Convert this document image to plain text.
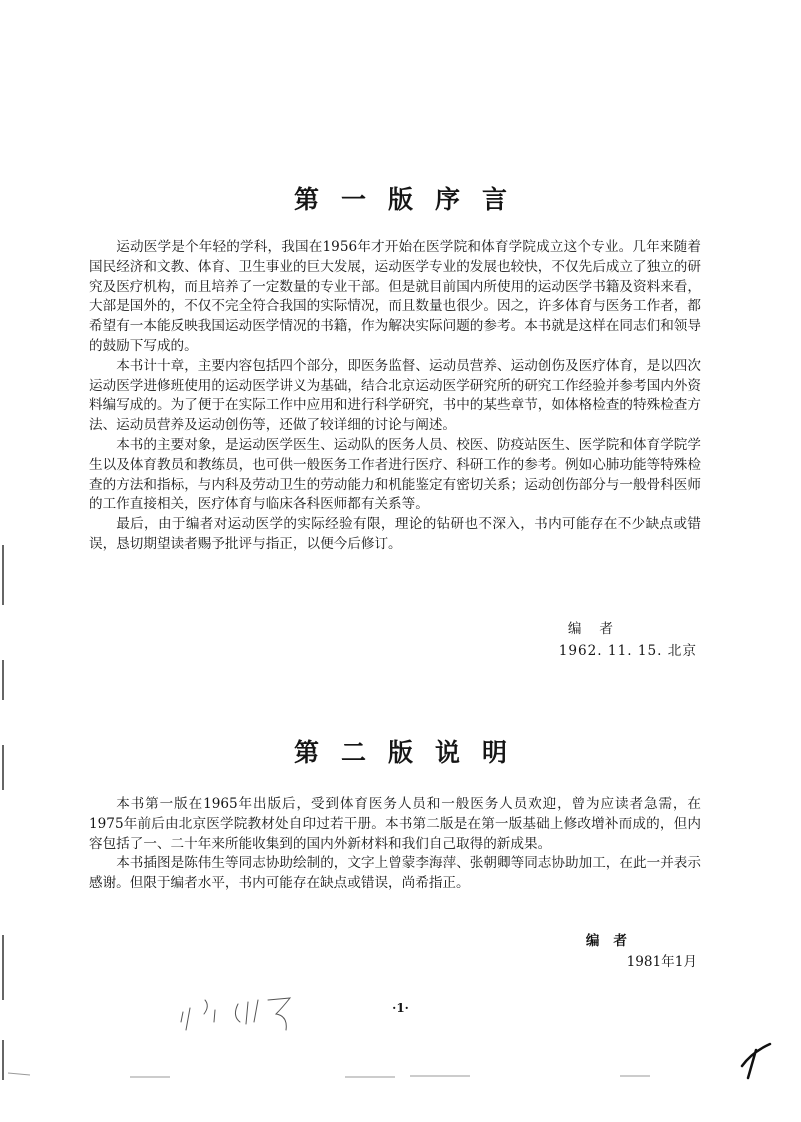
第一版序言

运动医学是个年轻的学科，我国在1956年才开始在医学院和体育学院成立这个专业。几年来随着国民经济和文教、体育、卫生事业的巨大发展，运动医学专业的发展也较快，不仅先后成立了独立的研究及医疗机构，而且培养了一定数量的专业干部。但是就目前国内所使用的运动医学书籍及资料来看，大部是国外的，不仅不完全符合我国的实际情况，而且数量也很少。因之，许多体育与医务工作者，都希望有一本能反映我国运动医学情况的书籍，作为解决实际问题的参考。本书就是这样在同志们和领导的鼓励下写成的。

本书计十章，主要内容包括四个部分，即医务监督、运动员营养、运动创伤及医疗体育，是以四次运动医学进修班使用的运动医学讲义为基础，结合北京运动医学研究所的研究工作经验并参考国内外资料编写成的。为了便于在实际工作中应用和进行科学研究，书中的某些章节，如体格检查的特殊检查方法、运动员营养及运动创伤等，还做了较详细的讨论与阐述。

本书的主要对象，是运动医学医生、运动队的医务人员、校医、防疫站医生、医学院和体育学院学生以及体育教员和教练员，也可供一般医务工作者进行医疗、科研工作的参考。例如心肺功能等特殊检查的方法和指标，与内科及劳动卫生的劳动能力和机能鉴定有密切关系；运动创伤部分与一般骨科医师的工作直接相关，医疗体育与临床各科医师都有关系等。

最后，由于编者对运动医学的实际经验有限，理论的钻研也不深入，书内可能存在不少缺点或错误，恳切期望读者赐予批评与指正，以便今后修订。

编者
1962. 11. 15. 北京
第二版说明

本书第一版在1965年出版后，受到体育医务人员和一般医务人员欢迎，曾为应读者急需，在1975年前后由北京医学院教材处自印过若干册。本书第二版是在第一版基础上修改增补而成的，但内容包括了一、二十年来所能收集到的国内外新材料和我们自己取得的新成果。

本书插图是陈伟生等同志协助绘制的，文字上曾蒙李海萍、张朝卿等同志协助加工，在此一并表示感谢。但限于编者水平，书内可能存在缺点或错误，尚希指正。

编者
1981年1月
·1·
